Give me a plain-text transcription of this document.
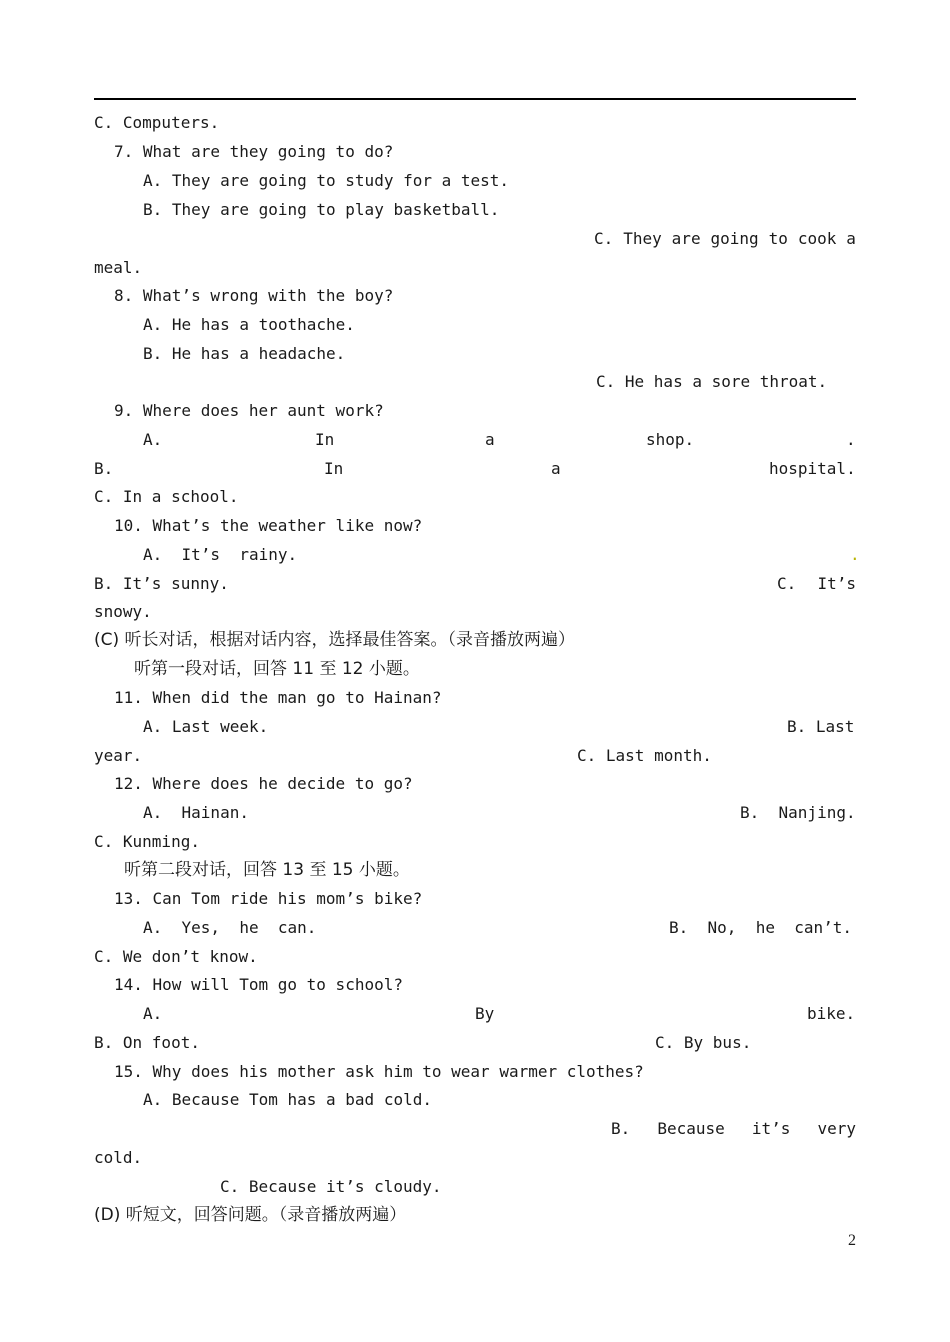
C. Computers.
7. What are they going to do?
A. They are going to study for a test.
B. They are going to play basketball.
C. They are going to cook a
meal.
8. What’s wrong with the boy?
A. He has a toothache.
B. He has a headache.
C. He has a sore throat.
9. Where does her aunt work?
A.	In	a	shop.	.
B.	In	a	hospital.
C. In a school.
10. What’s the weather like now?
A.  It’s  rainy.	.
B. It’s sunny.	C. It’s
snowy.
(C) 听长对话，根据对话内容，选择最佳答案。（录音播放两遍）
听第一段对话，回答 11 至 12 小题。
11. When did the man go to Hainan?
A. Last week.	B. Last
year.	C. Last month.
12. Where does he decide to go?
A.  Hainan.	B.  Nanjing.
C. Kunming.
听第二段对话，回答 13 至 15 小题。
13. Can Tom ride his mom’s bike?
A.  Yes,  he  can.	B.  No,  he  can’t.
C. We don’t know.
14. How will Tom go to school?
A.	By	bike.
B. On foot.	C. By bus.
15. Why does his mother ask him to wear warmer clothes?
A. Because Tom has a bad cold.
B. Because it’s very
cold.
C. Because it’s cloudy.
(D) 听短文，回答问题。（录音播放两遍）
2
